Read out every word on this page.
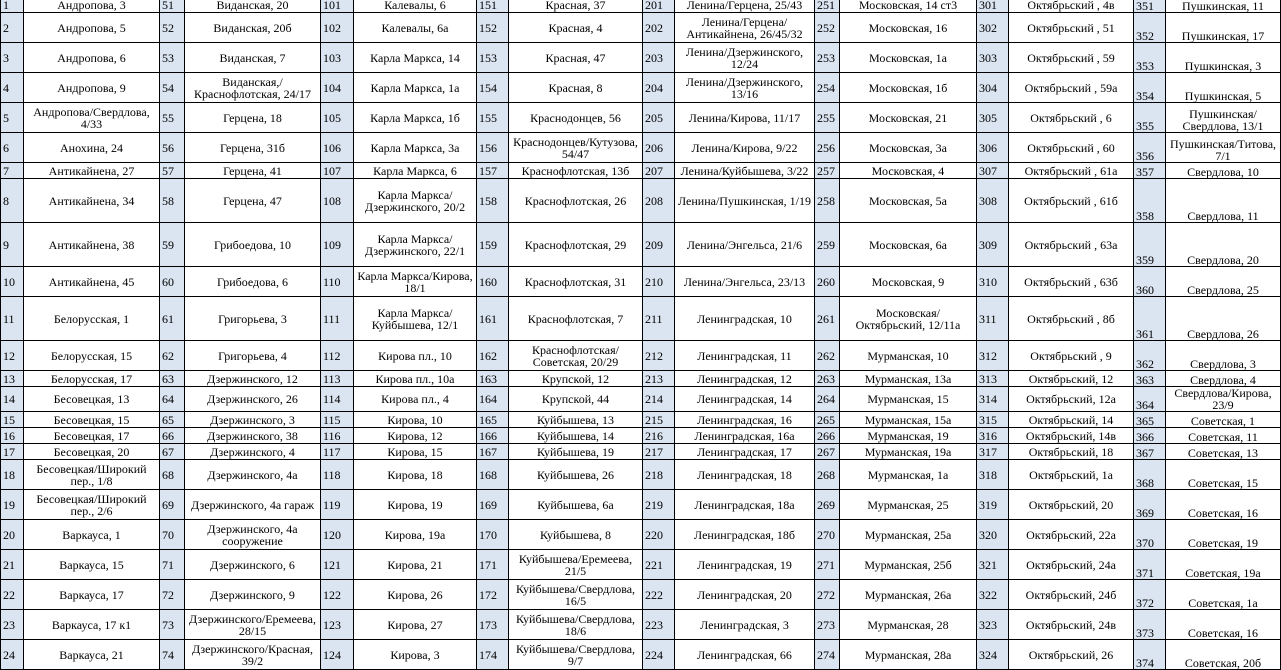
1	Андропова, 3	51	Виданская, 20	101	Калевалы, 6	151	Красная, 37	201	Ленина/Герцена, 25/43	251	Московская, 14 ст3	301	Октябрьский , 4в	351	Пушкинская, 11
2	Андропова, 5	52	Виданская, 20б	102	Калевалы, 6а	152	Красная, 4	202	Ленина/Герцена/Антикайнена, 26/45/32	252	Московская, 16	302	Октябрьский , 51	352	Пушкинская, 17
3	Андропова, 6	53	Виданская, 7	103	Карла Маркса, 14	153	Красная, 47	203	Ленина/Дзержинского, 12/24	253	Московская, 1а	303	Октябрьский , 59	353	Пушкинская, 3
4	Андропова, 9	54	Виданская,/Краснофлотская, 24/17	104	Карла Маркса, 1а	154	Красная, 8	204	Ленина/Дзержинского, 13/16	254	Московская, 1б	304	Октябрьский , 59а	354	Пушкинская, 5
5	Андропова/Свердлова, 4/33	55	Герцена, 18	105	Карла Маркса, 1б	155	Краснодонцев, 56	205	Ленина/Кирова, 11/17	255	Московская, 21	305	Октябрьский , 6	355	Пушкинская/Свердлова, 13/1
6	Анохина, 24	56	Герцена, 31б	106	Карла Маркса, 3а	156	Краснодонцев/Кутузова, 54/47	206	Ленина/Кирова, 9/22	256	Московская, 3а	306	Октябрьский , 60	356	Пушкинская/Титова, 7/1
7	Антикайнена, 27	57	Герцена, 41	107	Карла Маркса, 6	157	Краснофлотская, 13б	207	Ленина/Куйбышева, 3/22	257	Московская, 4	307	Октябрьский , 61а	357	Свердлова, 10
8	Антикайнена, 34	58	Герцена, 47	108	Карла Маркса/Дзержинского, 20/2	158	Краснофлотская, 26	208	Ленина/Пушкинская, 1/19	258	Московская, 5а	308	Октябрьский , 61б	358	Свердлова, 11
9	Антикайнена, 38	59	Грибоедова, 10	109	Карла Маркса/Дзержинского, 22/1	159	Краснофлотская, 29	209	Ленина/Энгельса, 21/6	259	Московская, 6а	309	Октябрьский , 63а	359	Свердлова, 20
10	Антикайнена, 45	60	Грибоедова, 6	110	Карла Маркса/Кирова, 18/1	160	Краснофлотская, 31	210	Ленина/Энгельса, 23/13	260	Московская, 9	310	Октябрьский , 63б	360	Свердлова, 25
11	Белорусская, 1	61	Григорьева, 3	111	Карла Маркса/Куйбышева, 12/1	161	Краснофлотская, 7	211	Ленинградская, 10	261	Московская/Октябрьский, 12/11а	311	Октябрьский , 8б	361	Свердлова, 26
12	Белорусская, 15	62	Григорьева, 4	112	Кирова пл., 10	162	Краснофлотская/Советская, 20/29	212	Ленинградская, 11	262	Мурманская, 10	312	Октябрьский , 9	362	Свердлова, 3
13	Белорусская, 17	63	Дзержинского, 12	113	Кирова пл., 10а	163	Крупской, 12	213	Ленинградская, 12	263	Мурманская, 13а	313	Октябрьский, 12	363	Свердлова, 4
14	Бесовецкая, 13	64	Дзержинского, 26	114	Кирова пл., 4	164	Крупской, 44	214	Ленинградская, 14	264	Мурманская, 15	314	Октябрьский, 12а	364	Свердлова/Кирова, 23/9
15	Бесовецкая, 15	65	Дзержинского, 3	115	Кирова, 10	165	Куйбышева, 13	215	Ленинградская, 16	265	Мурманская, 15а	315	Октябрьский, 14	365	Советская, 1
16	Бесовецкая, 17	66	Дзержинского, 38	116	Кирова, 12	166	Куйбышева, 14	216	Ленинградская, 16а	266	Мурманская, 19	316	Октябрьский, 14в	366	Советская, 11
17	Бесовецкая, 20	67	Дзержинского, 4	117	Кирова, 15	167	Куйбышева, 19	217	Ленинградская, 17	267	Мурманская, 19а	317	Октябрьский, 18	367	Советская, 13
18	Бесовецкая/Широкий пер., 1/8	68	Дзержинского, 4а	118	Кирова, 18	168	Куйбышева, 26	218	Ленинградская, 18	268	Мурманская, 1а	318	Октябрьский, 1а	368	Советская, 15
19	Бесовецкая/Широкий пер., 2/6	69	Дзержинского, 4а гараж	119	Кирова, 19	169	Куйбышева, 6а	219	Ленинградская, 18а	269	Мурманская, 25	319	Октябрьский, 20	369	Советская, 16
20	Варкауса, 1	70	Дзержинского, 4а сооружение	120	Кирова, 19а	170	Куйбышева, 8	220	Ленинградская, 18б	270	Мурманская, 25а	320	Октябрьский, 22а	370	Советская, 19
21	Варкауса, 15	71	Дзержинского, 6	121	Кирова, 21	171	Куйбышева/Еремеева, 21/5	221	Ленинградская, 19	271	Мурманская, 25б	321	Октябрьский, 24а	371	Советская, 19а
22	Варкауса, 17	72	Дзержинского, 9	122	Кирова, 26	172	Куйбышева/Свердлова, 16/5	222	Ленинградская, 20	272	Мурманская, 26а	322	Октябрьский, 24б	372	Советская, 1а
23	Варкауса, 17 к1	73	Дзержинского/Еремеева, 28/15	123	Кирова, 27	173	Куйбышева/Свердлова, 18/6	223	Ленинградская, 3	273	Мурманская, 28	323	Октябрьский, 24в	373	Советская, 16
24	Варкауса, 21	74	Дзержинского/Красная, 39/2	124	Кирова, 3	174	Куйбышева/Свердлова, 9/7	224	Ленинградская, 66	274	Мурманская, 28а	324	Октябрьский, 26	374	Советская, 20б
